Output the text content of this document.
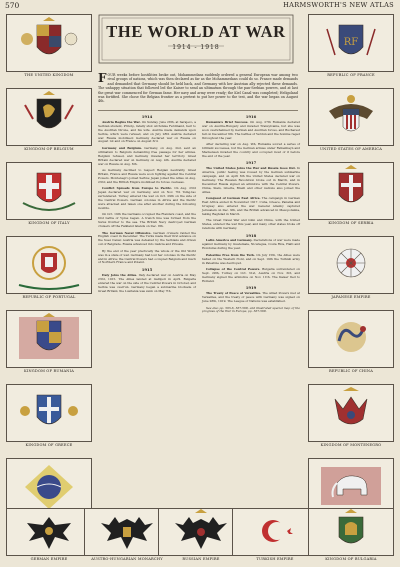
570	HARMSWORTH'S NEW ATLAS
THE WORLD AT WAR
1914 - 1918
F OUR weeks before hostilities broke out, Mohammedans suddenly ordered a general European war among two rival groups of nations, which was then declared as far as the Mohammedans could do so. France made demands and demanded that Germany should be held back, and Germany with her Austrian ally rejected these demands. The unhappy situation that followed led the Kaiser to send an ultimatum through the pan-Serbian powers, and at last the great war commenced for German fame. Her navy and army were ready; the Kiel Canal was completed; Heligoland was fortified. She chose the Belgian frontier as a pretext to put her power to the test, and the war began on August 4th.
1914
Austria Begins the War. On Sunday, June 28th, at Sarajevo, a Serbian student, Princip, fatally shot Archduke Ferdinand, heir to the Austrian throne, and his wife. Austria made demands upon Serbia, which were refused, and on July 28th Austria declared war. Russia mobilised; Germany declared war on Russia on August 1st and on France on August 3rd.
Germany and Belgium. Germany, on Aug. 2nd, sent an ultimatum to Belgium demanding free passage for her armies. Belgium refused, and Germany invaded her territory. Great Britain declared war on Germany on Aug. 4th. Austria declared war on Russia on Aug. 6th.
As Germany declined to respect Belgian neutrality, Great Britain, France and Russia were soon fighting against the Central Powers. Montenegro joined Serbia; Japan joined the Allies on Aug. 23rd; and the British Empire mobilised its forces overseas.
Conflict Spreads from Europe to Pacific. On Aug. 23rd Japan declared war on Germany, and on Nov. 7th Tsing-tao surrendered. Turkey entered the war on Oct. 29th on the side of the Central Powers. German colonies in Africa and the Pacific were attacked and taken one after another during the following months.
On Oct. 19th the Germans occupied the Flanders coast, and the first battle of Ypres began. A trench line was formed from the Swiss frontier to the sea. The British Navy destroyed German cruisers off the Falkland Islands on Dec. 8th.
The German Naval Offensive. German cruisers raided the English coast in December. The Turks made their first advance on the Suez Canal; Austria was defeated by the Serbians and driven out of Belgrade. Russia advanced into Galicia and Prussia.
By the end of the year practically the whole of the Old World was in a state of war. Germany had lost her colonies in the Pacific and in Africa; the Central Powers had occupied Belgium and much of Northern France and Poland.
1915
Italy Joins the Allies. Italy declared war on Austria on May 23rd, 1915. The Allies landed at Gallipoli in April. Bulgaria entered the war on the side of the Central Powers in October, and Serbia was overrun. Germany began a submarine blockade of Great Britain; the Lusitania was sunk on May 7th.
1916
Rumania's Brief Success. On Aug. 27th Rumania declared war on Austria-Hungary and invaded Transylvania, but she was soon overwhelmed by German and Austrian forces, and Bucharest fell on December 6th. The battles of Verdun and the Somme raged throughout the year.
After declaring war on Aug. 9th, Rumania scored a series of brilliant successes, but the German armies under Falkenhayn and Mackensen invaded the country and occupied most of it before the end of the year.
1917
The United States Joins the War and Russia Goes Out. In America, public feeling was roused by the German submarine campaign, and on April 6th the United States declared war on Germany. The Russian Revolution broke out in March, and in December Russia signed an armistice with the Central Powers. China, Siam, Liberia, Brazil and other nations also joined the Allies.
Conquest of German East Africa. The campaign in German East Africa ended in November 1917. Cuba, Greece, Panama and Uruguay also entered the war. General Allenby captured Jerusalem on Dec. 9th, and the British advanced in Mesopotamia, taking Baghdad in March.
The Great Naval War and Ginn and China, with the United States, entered the war this year, and many other states broke off relations with Germany.
1918
Latin America and Germany. Declarations of war were made against Germany by Guatemala, Nicaragua, Costa Rica, Haiti and Honduras during the year.
Palestine Free from the Turk. On July 15th, the Allies were halted on the Western front, and on Sept. 19th the Turkish army in Palestine was destroyed.
Collapse of the Central Powers. Bulgaria surrendered on Sept. 29th, Turkey on Oct. 31st, Austria on Nov. 3rd, and Germany signed the armistice on Nov. 11th. The Kaiser fled to Holland.
1919
The Treaty of Peace at Versailles. The Allied Powers met at Versailles, and the treaty of peace with Germany was signed on June 28th, 1919. The League of Nations was established.
See also pp. 565-6, 567-568, and illustrated special map of the progress of the War in Europe, pp. 567-568.
THE UNITED KINGDOM
KINGDOM OF BELGIUM
KINGDOM OF ITALY
REPUBLIC OF PORTUGAL
KINGDOM OF RUMANIA
KINGDOM OF GREECE
RF
REPUBLIC OF FRANCE
UNITED STATES OF AMERICA
KINGDOM OF SERBIA
JAPANESE EMPIRE
REPUBLIC OF CHINA
KINGDOM OF MONTENEGRO
GERMAN EMPIRE	AUSTRO-HUNGARIAN MONARCHY	RUSSIAN EMPIRE	TURKISH EMPIRE	KINGDOM OF BULGARIA
